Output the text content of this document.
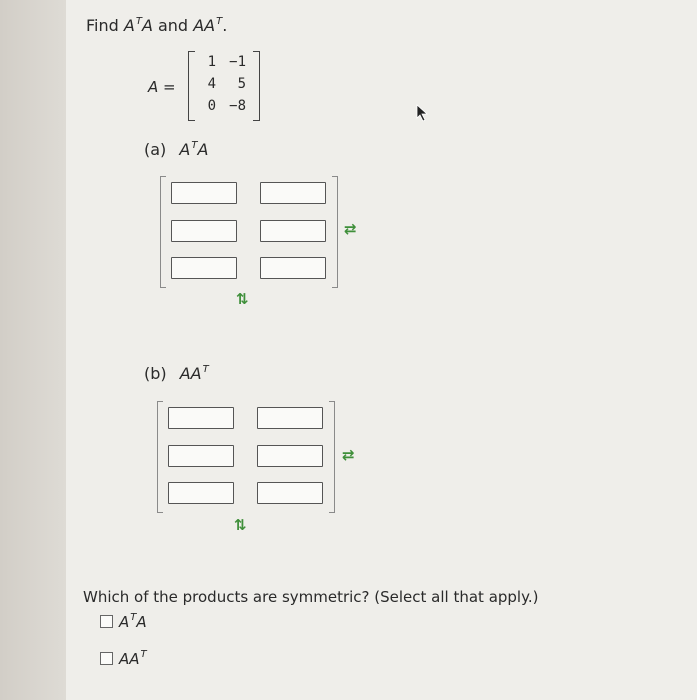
Find $A^TA$ and $AA^T$.
A =
1 −1
4	5
0 −8
(a) $A^TA$
⇄
⇅
(b) $AA^T$
⇄
⇅
Which of the products are symmetric? (Select all that apply.)
$A^TA$
$AA^T$
